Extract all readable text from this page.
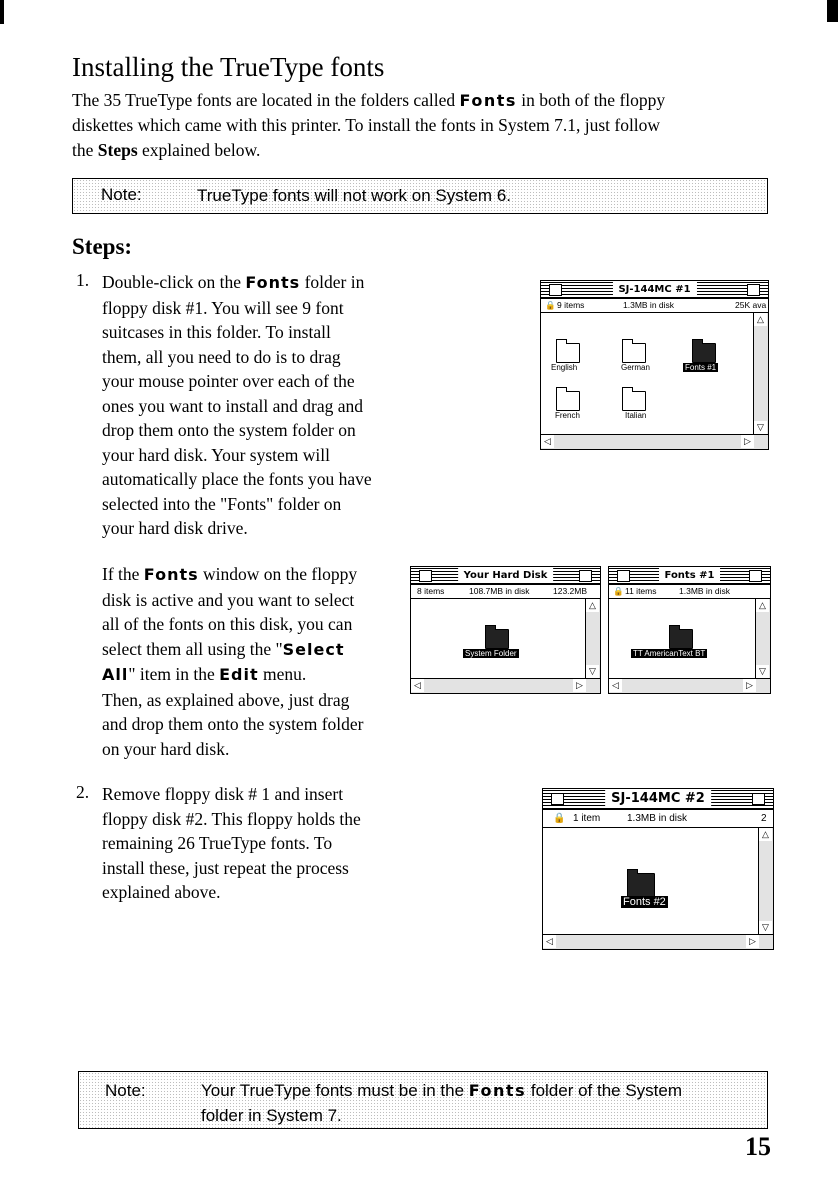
Installing the TrueType fonts
The 35 TrueType fonts are located in the folders called Fonts in both of the floppy
diskettes which came with this printer. To install the fonts in System 7.1, just follow
the Steps explained below.
Note:	TrueType fonts will not work on System 6.
Steps:
1. Double-click on the Fonts folder in
floppy disk #1. You will see 9 font
suitcases in this folder. To install
them, all you need to do is to drag
your mouse pointer over each of the
ones you want to install and drag and
drop them onto the system folder on
your hard disk. Your system will
automatically place the fonts you have
selected into the "Fonts" folder on
your hard disk drive.
If the Fonts window on the floppy
disk is active and you want to select
all of the fonts on this disk, you can
select them all using the "Select
All" item in the Edit menu.
Then, as explained above, just drag
and drop them onto the system folder
on your hard disk.
2. Remove floppy disk # 1 and insert
floppy disk #2. This floppy holds the
remaining 26 TrueType fonts. To
install these, just repeat the process
explained above.
SJ-144MC #1
🔒 9 items	1.3MB in disk	25K ava
△
▽
◁	▷
English	German	Fonts #1
French	Italian
Your Hard Disk
8 items	108.7MB in disk	123.2MB
△
▽
◁	▷
System Folder
Fonts #1
🔒 11 items	1.3MB in disk
△
▽
◁	▷
TT AmericanText BT
SJ-144MC #2
🔒 1 item	1.3MB in disk	2
△
▽
◁	▷
Fonts #2
Note:	Your TrueType fonts must be in the Fonts folder of the System
folder in System 7.
15
